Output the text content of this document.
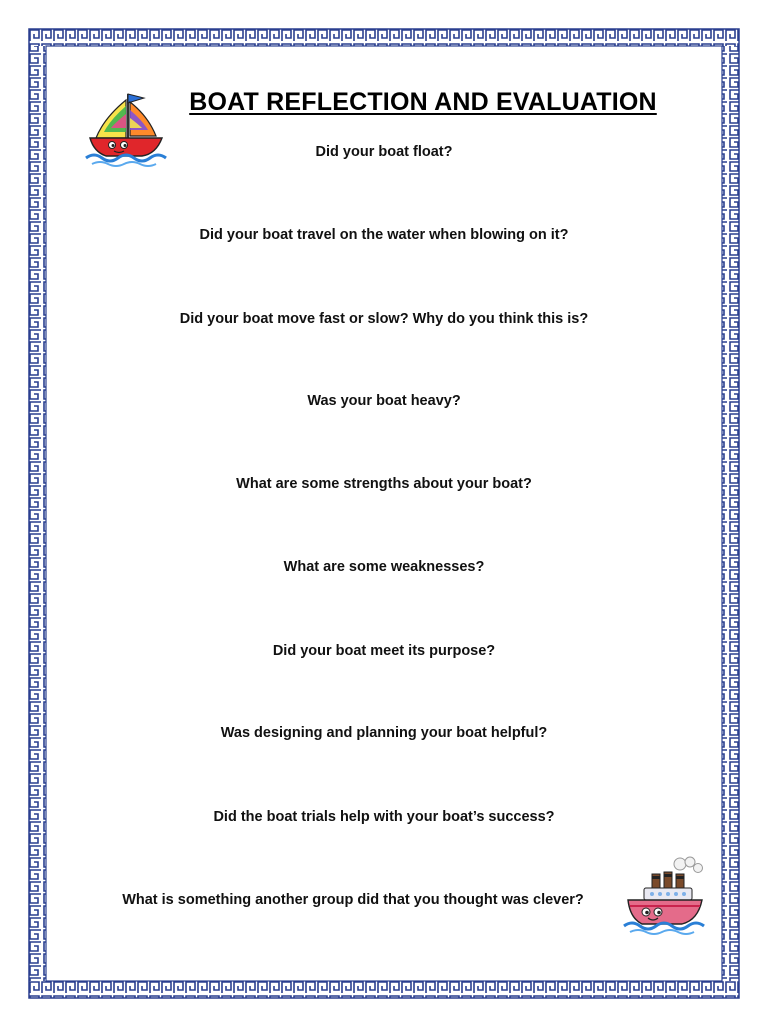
BOAT REFLECTION AND EVALUATION
Did your boat float?
Did your boat travel on the water when blowing on it?
Did your boat move fast or slow? Why do you think this is?
Was your boat heavy?
What are some strengths about your boat?
What are some weaknesses?
Did your boat meet its purpose?
Was designing and planning your boat helpful?
Did the boat trials help with your boat’s success?
What is something another group did that you thought was clever?
